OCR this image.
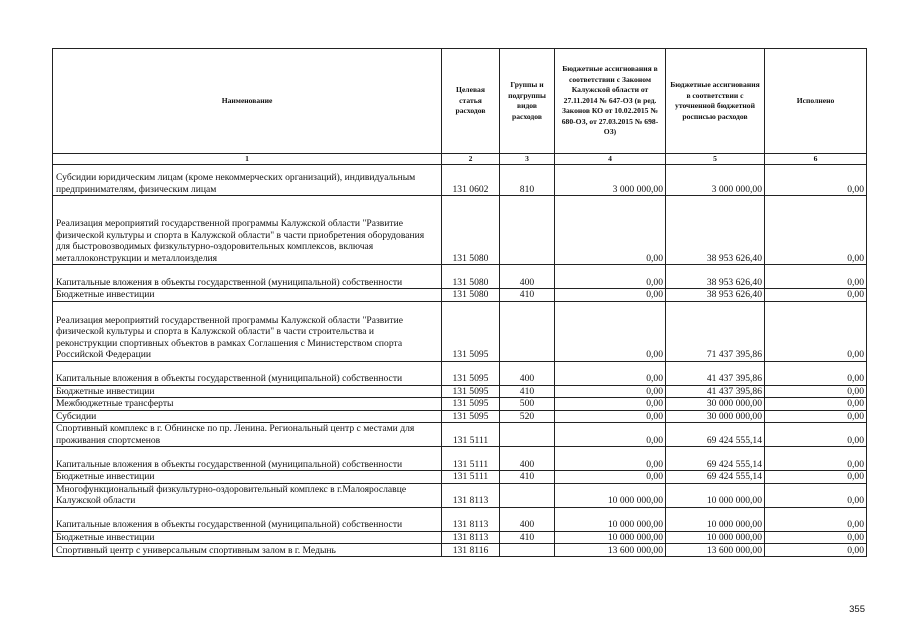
Наименование	Целевая статья расходов	Группы и подгруппы видов расходов	Бюджетные ассигнования в соответствии с Законом Калужской области от 27.11.2014 № 647-ОЗ (в ред. Законов КО от 10.02.2015 № 680-ОЗ, от 27.03.2015 № 698-ОЗ)	Бюджетные ассигнования в соответствии с уточненной бюджетной росписью расходов	Исполнено
1	2	3	4	5	6
Субсидии юридическим лицам (кроме некоммерческих организаций), индивидуальным предпринимателям, физическим лицам	131 0602	810	3 000 000,00	3 000 000,00	0,00
Реализация мероприятий государственной программы Калужской области "Развитие физической культуры и спорта в Калужской области" в части приобретения оборудования для быстровозводимых физкультурно-оздоровительных комплексов, включая металлоконструкции и металлоизделия	131 5080		0,00	38 953 626,40	0,00
Капитальные вложения в объекты государственной (муниципальной) собственности	131 5080	400	0,00	38 953 626,40	0,00
Бюджетные инвестиции	131 5080	410	0,00	38 953 626,40	0,00
Реализация мероприятий государственной программы Калужской области "Развитие физической культуры и спорта в Калужской области" в части строительства и реконструкции спортивных объектов в рамках Соглашения с Министерством спорта Российской Федерации	131 5095		0,00	71 437 395,86	0,00
Капитальные вложения в объекты государственной (муниципальной) собственности	131 5095	400	0,00	41 437 395,86	0,00
Бюджетные инвестиции	131 5095	410	0,00	41 437 395,86	0,00
Межбюджетные трансферты	131 5095	500	0,00	30 000 000,00	0,00
Субсидии	131 5095	520	0,00	30 000 000,00	0,00
Спортивный комплекс в г. Обнинске по пр. Ленина. Региональный центр с местами для проживания спортсменов	131 5111		0,00	69 424 555,14	0,00
Капитальные вложения в объекты государственной (муниципальной) собственности	131 5111	400	0,00	69 424 555,14	0,00
Бюджетные инвестиции	131 5111	410	0,00	69 424 555,14	0,00
Многофункциональный физкультурно-оздоровительный комплекс в г.Малоярославце Калужской области	131 8113		10 000 000,00	10 000 000,00	0,00
Капитальные вложения в объекты государственной (муниципальной) собственности	131 8113	400	10 000 000,00	10 000 000,00	0,00
Бюджетные инвестиции	131 8113	410	10 000 000,00	10 000 000,00	0,00
Спортивный центр с универсальным спортивным залом в г. Медынь	131 8116		13 600 000,00	13 600 000,00	0,00
355
